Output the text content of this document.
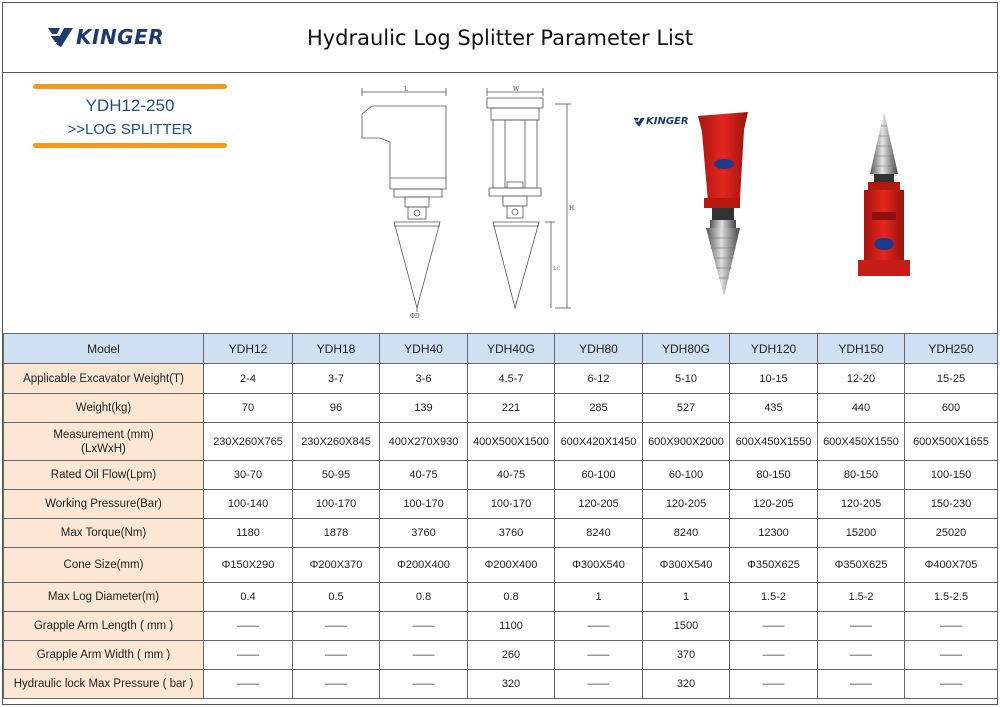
KINGER	Hydraulic Log Splitter Parameter List
YDH12-250
>>LOG SPLITTER
L
ΦD
W
H
LC
KINGER
Model	YDH12	YDH18	YDH40	YDH40G	YDH80	YDH80G	YDH120	YDH150	YDH250
Applicable Excavator Weight(T)	2-4	3-7	3-6	4.5-7	6-12	5-10	10-15	12-20	15-25
Weight(kg)	70	96	139	221	285	527	435	440	600
Measurement (mm)
(LxWxH)	230X260X765	230X260X845	400X270X930	400X500X1500	600X420X1450	600X900X2000	600X450X1550	600X450X1550	600X500X1655
Rated Oil Flow(Lpm)	30-70	50-95	40-75	40-75	60-100	60-100	80-150	80-150	100-150
Working Pressure(Bar)	100-140	100-170	100-170	100-170	120-205	120-205	120-205	120-205	150-230
Max Torque(Nm)	1180	1878	3760	3760	8240	8240	12300	15200	25020
Cone Size(mm)	Φ150X290	Φ200X370	Φ200X400	Φ200X400	Φ300X540	Φ300X540	Φ350X625	Φ350X625	Φ400X705
Max Log Diameter(m)	0.4	0.5	0.8	0.8	1	1	1.5-2	1.5-2	1.5-2.5
Grapple Arm Length ( mm )	——	——	——	1100	——	1500	——	——	——
Grapple Arm Width ( mm )	——	——	——	260	——	370	——	——	——
Hydraulic lock Max Pressure ( bar )	——	——	——	320	——	320	——	——	——
